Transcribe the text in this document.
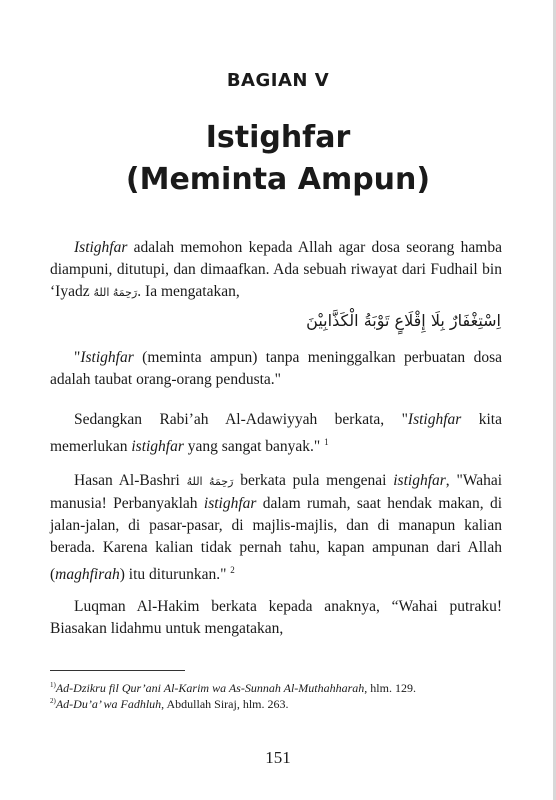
BAGIAN V
Istighfar
(Meminta Ampun)

Istighfar adalah memohon kepada Allah agar dosa seorang hamba diampuni, ditutupi, dan dimaafkan. Ada sebuah riwayat dari Fudhail bin ‘Iyadz رَحِمَهُ اللهُ. Ia mengatakan,

اِسْتِغْفَارٌ بِلَا إِقْلَاعٍ تَوْبَةُ الْكَذَّابِيْنَ

"Istighfar (meminta ampun) tanpa meninggalkan perbuatan dosa adalah taubat orang-orang pendusta."

Sedangkan Rabi’ah Al-Adawiyyah berkata, "Istighfar kita memerlukan istighfar yang sangat banyak." $^1$

Hasan Al-Bashri رَحِمَهُ اللهُ berkata pula mengenai istighfar, "Wahai manusia! Perbanyaklah istighfar dalam rumah, saat hendak makan, di jalan-jalan, di pasar-pasar, di majlis-majlis, dan di manapun kalian berada. Karena kalian tidak pernah tahu, kapan ampunan dari Allah (maghfirah) itu diturunkan." $^2$

Luqman Al-Hakim berkata kepada anaknya, “Wahai putraku! Biasakan lidahmu untuk mengatakan,

$^{1)}$Ad-Dzikru fil Qur’ani Al-Karim wa As-Sunnah Al-Muthahharah, hlm. 129.
$^{2)}$Ad-Du’a’ wa Fadhluh, Abdullah Siraj, hlm. 263.
151
